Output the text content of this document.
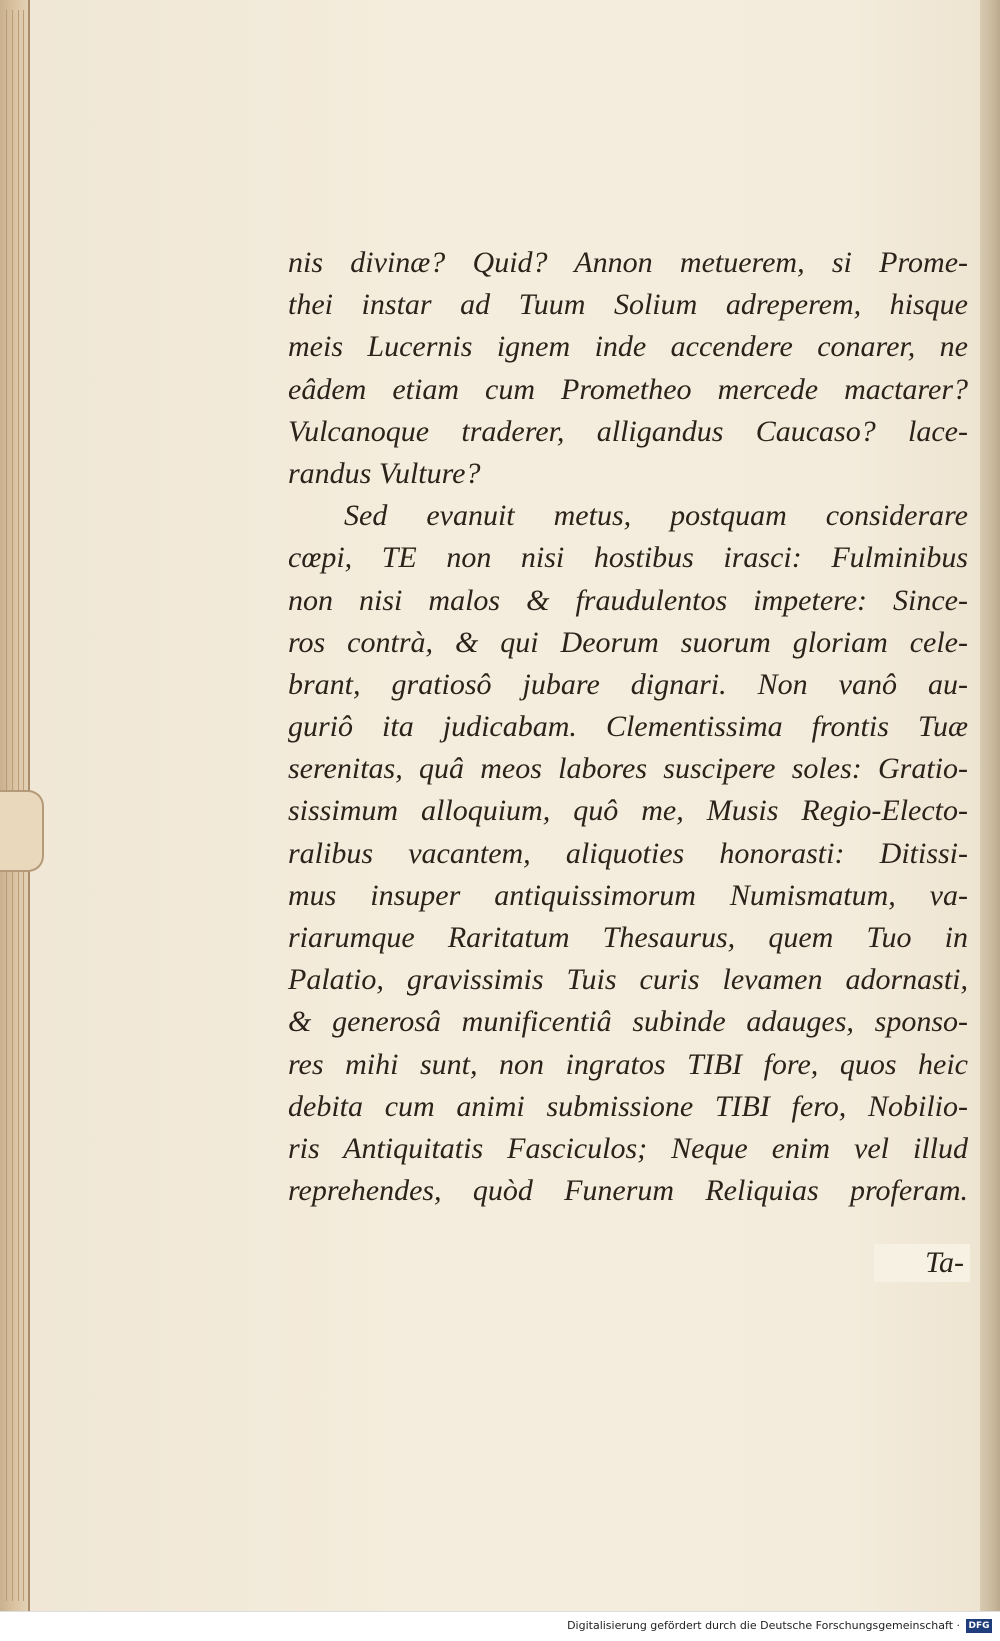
nis divinæ? Quid? Annon metuerem, si Prome-
thei instar ad Tuum Solium adreperem, hisque
meis Lucernis ignem inde accendere conarer, ne
eâdem etiam cum Prometheo mercede mactarer?
Vulcanoque traderer, alligandus Caucaso? lace-
randus Vulture?
Sed evanuit metus, postquam considerare
cœpi, TE non nisi hostibus irasci: Fulminibus
non nisi malos & fraudulentos impetere: Since-
ros contrà, & qui Deorum suorum gloriam cele-
brant, gratiosô jubare dignari. Non vanô au-
guriô ita judicabam. Clementissima frontis Tuæ
serenitas, quâ meos labores suscipere soles: Gratio-
sissimum alloquium, quô me, Musis Regio-Electo-
ralibus vacantem, aliquoties honorasti: Ditissi-
mus insuper antiquissimorum Numismatum, va-
riarumque Raritatum Thesaurus, quem Tuo in
Palatio, gravissimis Tuis curis levamen adornasti,
& generosâ munificentiâ subinde adauges, sponso-
res mihi sunt, non ingratos TIBI fore, quos heic
debita cum animi submissione TIBI fero, Nobilio-
ris Antiquitatis Fasciculos; Neque enim vel illud
reprehendes, quòd Funerum Reliquias proferam.
Ta-
Digitalisierung gefördert durch die Deutsche Forschungsgemeinschaft · DFG
